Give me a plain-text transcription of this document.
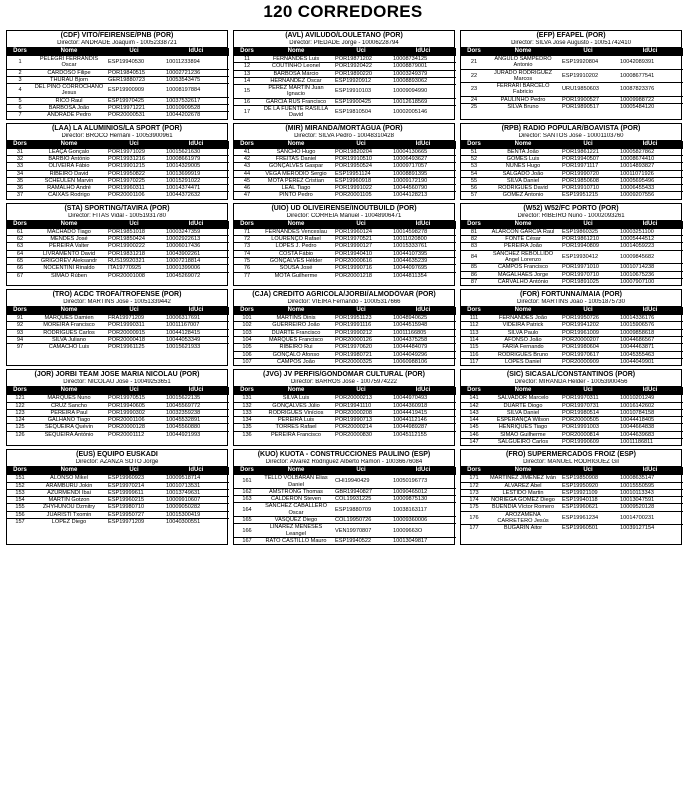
120 CORREDORES
(CDF) VITO/FEIRENSE/PNB (POR)
Director: ANDRADE Joaquim - 10052338721
Dors	Nome	Uci	IdUci
1	PELEGRI FERRANDIS Oscar	ESP19940530	10011233894
2	CARDOSO Filipe	POR19840515	10002721236
3	THURAU Bjorn	GER19880723	10053543475
4	DEL PINO CORROCHANO Jesus	ESP19900909	10008197884
5	RICO Raul	ESP19970425	10037532617
6	BARBOSA João	POR19971221	10010909528
7	ANDRADE Pedro	POR20000531	10044202678
(AVL) AVILUDO/LOULETANO (POR)
Director: PIEDADE Jorge - 10006228794
Dors	Nome	Uci	IdUci
11	FERNANDES Luis	POR19871202	10008734125
12	COUTINHO Leonel	POR19920422	10008879001
13	BARBOSA Márcio	POR19890220	10003249379
14	HERNANDEZ Oscar	ESP19920912	10008893062
15	PEREZ MARTIN Juan Ignacio	ESP19910103	10009094990
16	GARCIA RUS Francisco	ESP19900425	10012618569
17	DE LA FUENTE RASILLA David	ESP19810504	10002005146
(EFP) EFAPEL (POR)
Director: SILVA José Augusto - 10051742410
Dors	Nome	Uci	IdUci
21	ANGULO SAMPEDRO Antonio	ESP19920804	10042089391
22	JURADO RODRIGUEZ Marcos	ESP19910202	10008677541
23	FERRARI BARCELO Fabricio	URU19850603	10087823376
24	PAULINHO Pedro	POR19900527	10009988722
25	SILVA Bruno	POR19890517	10005484120
(LAA) LA ALUMINIOS/LA SPORT (POR)
Director: BRÔCO Hernâni - 10053900961
Dors	Nome	Uci	IdUci
31	LEAÇA Gonçalo	POR19971029	10015621630
32	BARBIO António	POR19931216	10008661979
33	OLIVEIRA Fábio	POR19901215	10014329005
34	RIBEIRO David	POR19950822	10013699919
35	SCHEULEN Marvin	POR19970225	10015291022
36	RAMALHO André	POR19960311	10014374471
37	CAIXAS Rodrigo	POR20001106	10044372632
(MIR) MIRANDA/MORTÁGUA (POR)
Director: SILVA Pedro - 10048310428
Dors	Nome	Uci	IdUci
41	SANCHO Hugo	POR19820204	10004130665
42	FREITAS Daniel	POR19910510	10006493627
43	GONÇALVES Gaspar	POR19950524	10009717057
44	VEGA MERODIO Sergio	ESP19951124	10008891395
45	MOTA PEREZ Cristian	ESP19960918	10009172190
46	LEAL Tiago	POR19991022	10044560790
47	PINTO Pedro	POR20001105	10044128213
(RPB) RADIO POPULAR/BOAVISTA (POR)
Director: SANTOS José - 10001103760
Dors	Nome	Uci	IdUci
51	BENTA João	POR19861221	10005827862
52	GOMES Luis	POR19940507	10008674410
53	NUNES Hugo	POR19971117	10014893827
54	SALGADO João	POR19990720	10011071926
55	SILVA Daniel	POR19850608	10005695496
56	RODRIGUES David	POR19910710	10006455433
57	GOMEZ Antonio	ESP19951215	10009207556
(STA) SPORTING/TAVIRA (POR)
Director: FITAS Vidal - 10051931780
Dors	Nome	Uci	IdUci
61	MACHADO Tiago	POR19851018	10003247359
62	MENDES José	POR19850424	10002922613
63	PEREIRA Valter	POR19900222	10006017436
64	LIVRAMENTO David	POR19831218	10043902261
65	GRIGOREV Aleksandr	RUS19920321	10007218814
66	NOCENTINI Rinaldo	ITA19770925	10001399006
67	SIMAO Rúben	POR20001008	10045269072
(UIO) UD OLIVEIRENSE/INOUTBUILD (POR)
Director: CORREIA Manuel - 10048906471
Dors	Nome	Uci	IdUci
71	FERNANDES Venceslau	POR19960124	10014598278
72	LOURENÇO Rafael	POR19970521	10011020800
73	LOPES J. Pedro	POR19990127	10015333761
74	COSTA Fábio	POR19940410	10044107395
75	GONÇALVES Hélder	POR20000616	10044635239
76	SOUSA José	POR19990716	10044097695
77	MOTA Guilherme	POR20001218	10044811354
(W52) W52/FC PORTO (POR)
Director: RIBEIRO Nuno - 10002093261
Dors	Nome	Uci	IdUci
81	ALARCON GARCIA Raul	ESP19860325	10003251100
82	FONTE César	POR19861210	10005444512
83	PEREIRA João	POR19940809	10014059223
84	SANCHEZ REBOLLIDO Angel Lorenzo	ESP19930412	10009845682
85	CAMPOS Francisco	POR19971010	10010714238
86	MAGALHAES Jorge	POR19970710	10010675236
87	CARVALHO António	POR19891025	10007907100
(TRO) ACDC TROFA/TROFENSE (POR)
Director: MARTINS José - 10051339442
Dors	Nome	Uci	IdUci
91	MARQUES Damien	FRA19971209	10006317691
92	MOREIRA Francisco	POR19990311	10011167007
93	RODRIGUES Carlos	POR20000915	10044128415
94	SILVA Juliano	POR20000418	10044053349
97	CAMACHO Luis	POR19961125	10015621933
(CJA) CREDITO AGRICOLA/JORBI/ALMODÔVAR (POR)
Director: VIEIRA Fernando - 10005317666
Dors	Nome	Uci	IdUci
101	MARTINS Dinis	POR19951123	10048940625
102	GUERREIRO João	POR19991116	10044515948
103	DUARTE Francisco	POR19990212	10011166805
104	MARQUES Francisco	POR20000126	10044375258
105	RIBEIRO Rui	POR19970620	10044484079
106	GONÇALO Afonso	POR19980721	10044049296
107	CAMPOS João	POR20000325	10060988106
(FOR) FORTUNNA/MAIA (POR)
Director: MARTINS Joao - 10051875730
Dors	Nome	Uci	IdUci
111	FERNANDES João	POR19950726	10014336176
112	VIDEIRA Patrick	POR19941202	10015906576
113	SILVA Paulo	POR19961009	10009858618
114	AFONSO João	POR20000207	10044686567
115	FARIA Fernando	POR19980604	10044463871
116	RODRIGUES Bruno	POR19970617	10045355463
117	LOPES Daniel	POR20000909	10044049901
(JOR) JORBI TEAM JOSE MARIA NICOLAU (POR)
Director: NICOLAU José - 10049253651
Dors	Nome	Uci	IdUci
121	MARQUES Nuno	POR19970515	10015622135
122	CRUZ Sancho	POR19940605	10045569772
123	PEREIRA Paul	POR19990302	10032359238
124	GALHANO Tiago	POR20001106	10045532891
125	SEQUEIRA Quévin	POR20000128	10045560880
126	SEQUEIRA António	POR20001112	10044921993
(JVG) JV PERFIS/GONDOMAR CULTURAL (POR)
Director: BARROS José - 10075974222
Dors	Nome	Uci	IdUci
131	SILVA Luis	POR20000213	10044970493
132	GONÇALVES Júlio	POR19941110	10044360918
133	RODRIGUES Vinícios	POR20000208	10044419415
134	PEREIRA Luis	POR19990713	10044112146
135	TORRES Rafael	POR20000214	10044989287
136	PEREIRA Francisco	POR20000830	10045112155
(SIC) SICASAL/CONSTANTINOS (POR)
Director: MIRANDA Hélder - 10053900456
Dors	Nome	Uci	IdUci
141	SALVADOR Marcelo	POR19970311	10010201249
142	DUARTE Diogo	POR19970731	10016142602
143	SILVA Daniel	POR19980514	10010784158
144	ESPERANÇA Wilson	POR20000505	10044418405
145	HENRIQUES Tiago	POR19991003	10044664838
146	SIMAO Guilherme	POR20000814	10044639683
147	SALGUEIRO Carlos	POR19990609	10011186811
(EUS) EQUIPO EUSKADI
Director: AZANZA SOTO Jorge
Dors	Nome	Uci	IdUci
151	ALONSO Mikel	ESP19960923	10009518714
152	ARAMBURU Jokin	ESP19970214	10010713531
153	AZURMENDI Ibai	ESP19999611	10013749631
154	MARTIN Gotzon	ESP19960215	10009910607
155	ZHYHUNOU Dzmitry	ESP19980710	10009050282
156	JUARISTI Txomin	ESP19950727	10015300419
157	LOPEZ Diego	ESP19971209	10040300551
(KUO) KUOTA - CONSTRUCCIONES PAULINO (ESP)
Director: Alvarez Rodriguez Alberto Ramon - 10036676084
Dors	Nome	Uci	IdUci
161	TELLO VOLBARAN Elias Daniel	CHI19940429	10050196773
162	AMSTRONG Thomas	GBR19940827	10090465012
163	CALDERON Steven	COL19931225	10009875130
164	SANCHEZ CABALLERO Oscar	ESP19880709	10038163117
165	VASQUEZ Diego	COL19950726	10009360006
166	LINAREZ MENESES Leangel	VEN19970807	10009663O
167	RATO CASTILLO Mauro	ESP19940522	10013049817
(FRO) SUPERMERCADOS FROIZ (ESP)
Director: MANUEL RODRIGUEZ Gil
Dors	Nome	Uci	IdUci
171	MARTINEZ JIMENEZ Iván	ESP19850908	10008635147
172	ALVAREZ Abel	ESP19950920	10015550595
173	LESTIDO Martin	ESP19921109	10010113343
174	NORIEGA GOMEZ Diego	ESP19940118	10013047591
175	BUENDIA Víctor Romero	ESP19960621	10009520128
176	AROZAMENA CARRETERO Jesús	ESP19961234	10014700231
177	BUGARIN Aitor	ESP19960501	10039127154
